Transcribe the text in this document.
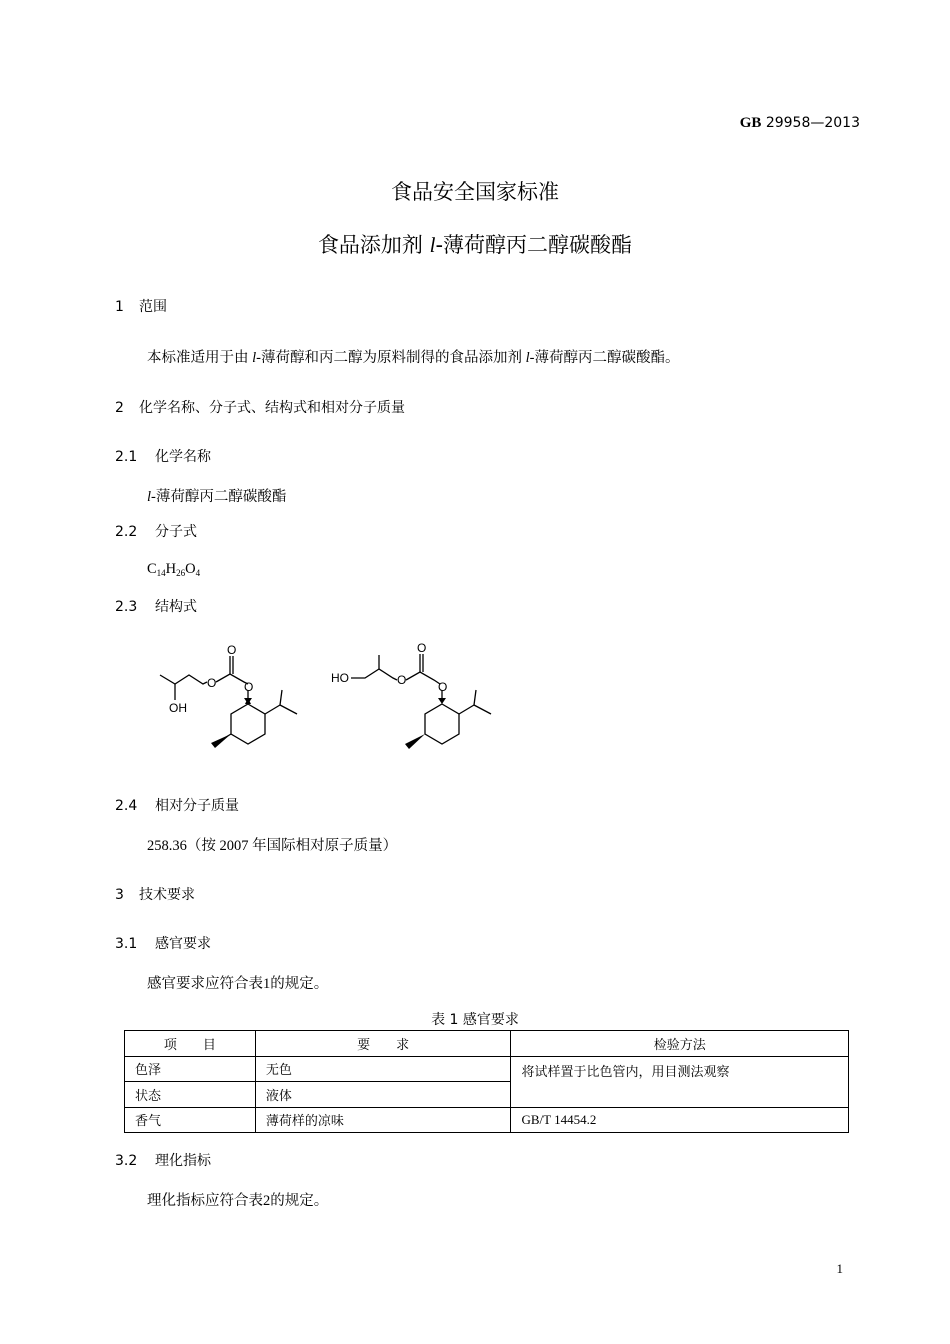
GB 29958—2013
食品安全国家标准
食品添加剂 l-薄荷醇丙二醇碳酸酯
1 范围
本标准适用于由 l-薄荷醇和丙二醇为原料制得的食品添加剂 l-薄荷醇丙二醇碳酸酯。
2 化学名称、分子式、结构式和相对分子质量
2.1 化学名称
l-薄荷醇丙二醇碳酸酯
2.2 分子式
$C_{14}H_{26}O_4$
2.3 结构式
O
O O
OH
O
O	O
HO
2.4 相对分子质量
258.36（按 2007 年国际相对原子质量）
3 技术要求
3.1 感官要求
感官要求应符合表1的规定。
表 1 感官要求
项　　目	要　　求	检验方法
色泽	无色	将试样置于比色管内，用目测法观察
状态	液体	
香气	薄荷样的凉味	GB/T 14454.2
3.2 理化指标
理化指标应符合表2的规定。
1
